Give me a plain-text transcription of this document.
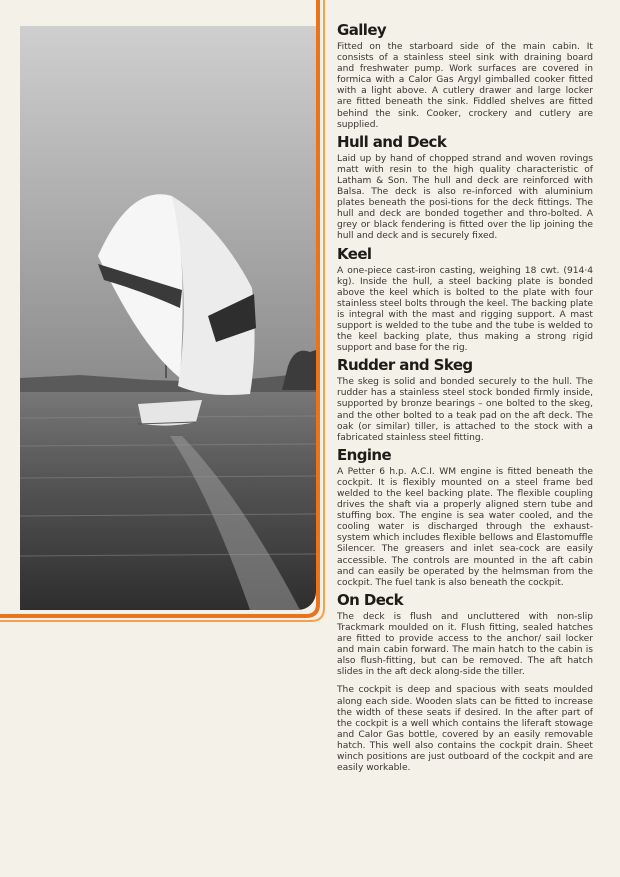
Galley

Fitted on the starboard side of the main cabin. It consists of a stainless steel sink with draining board and freshwater pump. Work surfaces are covered in formica with a Calor Gas Argyl gimballed cooker fitted with a light above. A cutlery drawer and large locker are fitted beneath the sink. Fiddled shelves are fitted behind the sink. Cooker, crockery and cutlery are supplied.

Hull and Deck

Laid up by hand of chopped strand and woven rovings matt with resin to the high quality characteristic of Latham & Son. The hull and deck are reinforced with Balsa. The deck is also re-inforced with aluminium plates beneath the posi-tions for the deck fittings. The hull and deck are bonded together and thro-bolted. A grey or black fendering is fitted over the lip joining the hull and deck and is securely fixed.

Keel

A one-piece cast-iron casting, weighing 18 cwt. (914·4 kg). Inside the hull, a steel backing plate is bonded above the keel which is bolted to the plate with four stainless steel bolts through the keel. The backing plate is integral with the mast and rigging support. A mast support is welded to the tube and the tube is welded to the keel backing plate, thus making a strong rigid support and base for the rig.

Rudder and Skeg

The skeg is solid and bonded securely to the hull. The rudder has a stainless steel stock bonded firmly inside, supported by bronze bearings – one bolted to the skeg, and the other bolted to a teak pad on the aft deck. The oak (or similar) tiller, is attached to the stock with a fabricated stainless steel fitting.

Engine

A Petter 6 h.p. A.C.I. WM engine is fitted beneath the cockpit. It is flexibly mounted on a steel frame bed welded to the keel backing plate. The flexible coupling drives the shaft via a properly aligned stern tube and stuffing box. The engine is sea water cooled, and the cooling water is discharged through the exhaust-system which includes flexible bellows and Elastomuffle Silencer. The greasers and inlet sea-cock are easily accessible. The controls are mounted in the aft cabin and can easily be operated by the helmsman from the cockpit. The fuel tank is also beneath the cockpit.

On Deck

The deck is flush and uncluttered with non-slip Trackmark moulded on it. Flush fitting, sealed hatches are fitted to provide access to the anchor/ sail locker and main cabin forward. The main hatch to the cabin is also flush-fitting, but can be removed. The aft hatch slides in the aft deck along-side the tiller.

The cockpit is deep and spacious with seats moulded along each side. Wooden slats can be fitted to increase the width of these seats if desired. In the after part of the cockpit is a well which contains the liferaft stowage and Calor Gas bottle, covered by an easily removable hatch. This well also contains the cockpit drain. Sheet winch positions are just outboard of the cockpit and are easily workable.
